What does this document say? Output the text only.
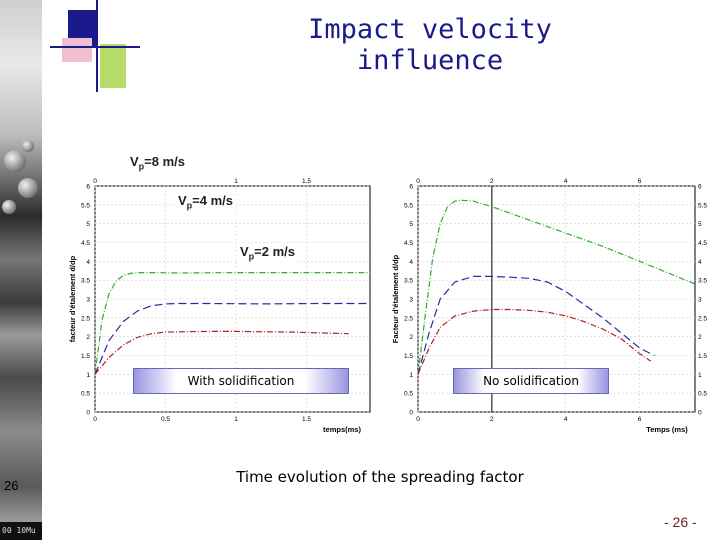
00 10Mu
Impact velocity influence
0
0.5
1
1.5
2
2.5
3
3.5
4
4.5
5
5.5
6
0	0.5	1	1.5
0	1	1.5
temps(ms)
facteur d'étalement d/dp
0	0
0.5	0.5
1	1
1.5	1.5
2	2
2.5	2.5
3	3
3.5	3.5
4	4
4.5	4.5
5	5
5.5	5.5
6	6
0	2	4	6
0	2	4	6
Temps (ms)
Facteur d'étalement d/dp
$V_p=8$ m/s
$V_p=4$ m/s
$V_p=2$ m/s
With solidification	No solidification
Time evolution of the spreading factor
26
- 26 -
